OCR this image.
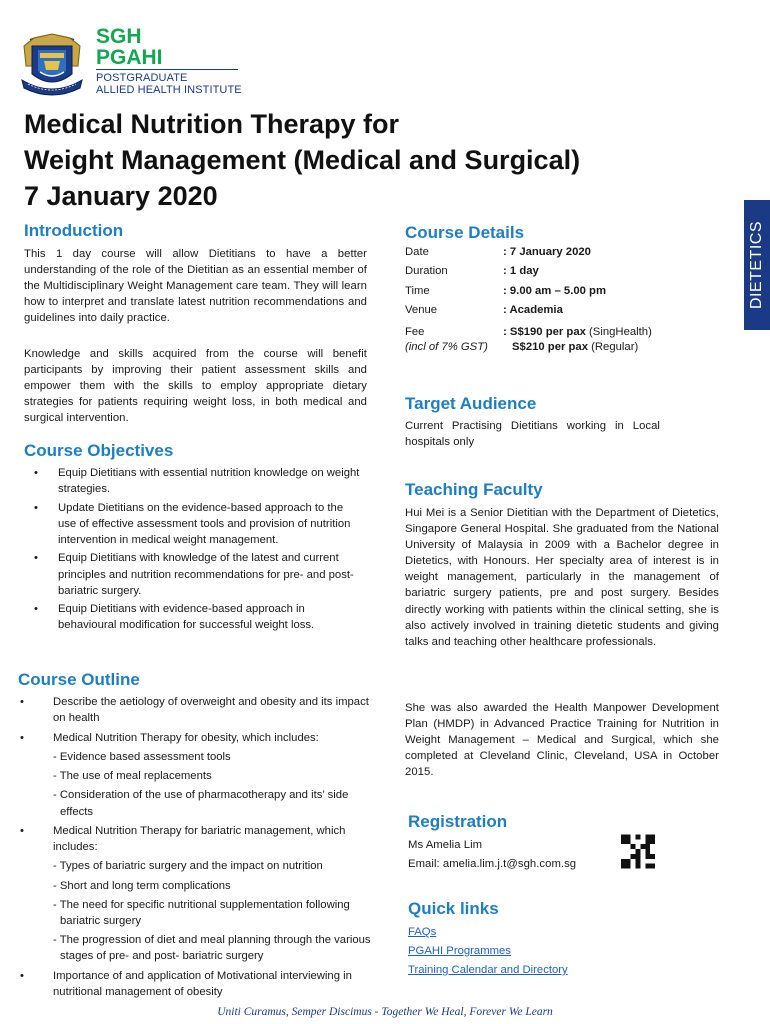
SGH
PGAHI
POSTGRADUATE
ALLIED HEALTH INSTITUTE
Medical Nutrition Therapy for
Weight Management (Medical and Surgical)
7 January 2020
DIETETICS
Introduction
This 1 day course will allow Dietitians to have a better understanding of the role of the Dietitian as an essential member of the Multidisciplinary Weight Management care team. They will learn how to interpret and translate latest nutrition recommendations and guidelines into daily practice.
Knowledge and skills acquired from the course will benefit participants by improving their patient assessment skills and empower them with the skills to employ appropriate dietary strategies for patients requiring weight loss, in both medical and surgical intervention.
Course Objectives
• Equip Dietitians with essential nutrition knowledge on weight strategies.
• Update Dietitians on the evidence-based approach to the use of effective assessment tools and provision of nutrition intervention in medical weight management.
• Equip Dietitians with knowledge of the latest and current principles and nutrition recommendations for pre- and post-bariatric surgery.
• Equip Dietitians with evidence-based approach in behavioural modification for successful weight loss.
Course Outline
• Describe the aetiology of overweight and obesity and its impact on health
• Medical Nutrition Therapy for obesity, which includes:
- Evidence based assessment tools
- The use of meal replacements
- Consideration of the use of pharmacotherapy and its’ side effects
• Medical Nutrition Therapy for bariatric management, which includes:
- Types of bariatric surgery and the impact on nutrition
- Short and long term complications
- The need for specific nutritional supplementation following bariatric surgery
- The progression of diet and meal planning through the various stages of pre- and post- bariatric surgery
• Importance of and application of Motivational interviewing in nutritional management of obesity
Course Details
Date	: 7 January 2020
Duration	: 1 day
Time	: 9.00 am – 5.00 pm
Venue	: Academia
Fee	: S$190 per pax (SingHealth)
(incl of 7% GST)	S$210 per pax (Regular)
Target Audience
Current Practising Dietitians working in Local hospitals only
Teaching Faculty
Hui Mei is a Senior Dietitian with the Department of Dietetics, Singapore General Hospital. She graduated from the National University of Malaysia in 2009 with a Bachelor degree in Dietetics, with Honours. Her specialty area of interest is in weight management, particularly in the management of bariatric surgery patients, pre and post surgery. Besides directly working with patients within the clinical setting, she is also actively involved in training dietetic students and giving talks and teaching other healthcare professionals.
She was also awarded the Health Manpower Development Plan (HMDP) in Advanced Practice Training for Nutrition in Weight Management – Medical and Surgical, which she completed at Cleveland Clinic, Cleveland, USA in October 2015.
Registration
Ms Amelia Lim
Email: amelia.lim.j.t@sgh.com.sg
Quick links
FAQs
PGAHI Programmes
Training Calendar and Directory
Uniti Curamus, Semper Discimus - Together We Heal, Forever We Learn
